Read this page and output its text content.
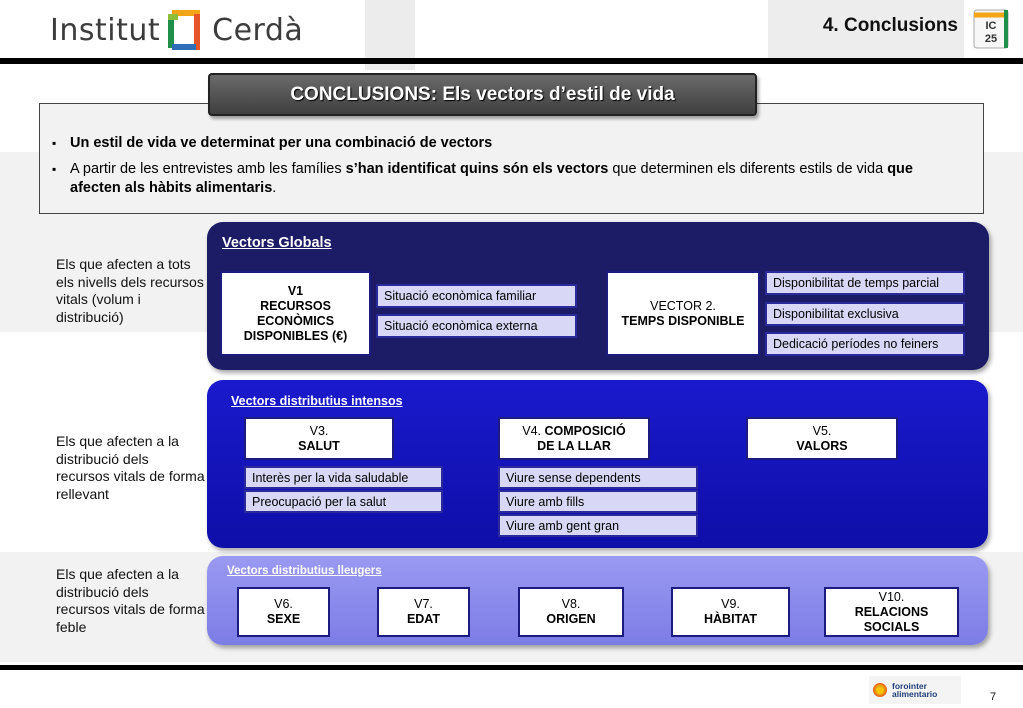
Institut Cerdà	4. Conclusions	IC
25
▪ Un estil de vida ve determinat per una combinació de vectors
▪ A partir de les entrevistes amb les famílies s’han identificat quins són els vectors que determinen els diferents estils de vida que afecten als hàbits alimentaris.
CONCLUSIONS: Els vectors d’estil de vida
Els que afecten a tots els nivells dels recursos vitals (volum i distribució)
Els que afecten a la distribució dels recursos vitals de forma rellevant
Els que afecten a la distribució dels recursos vitals de forma feble
Vectors Globals
V1
RECURSOS ECONÒMICS DISPONIBLES (€)
Situació econòmica familiar
Situació econòmica externa
VECTOR 2.
TEMPS DISPONIBLE
Disponibilitat de temps parcial
Disponibilitat exclusiva
Dedicació períodes no feiners
Vectors distributius intensos
V3.
SALUT
Interès per la vida saludable
Preocupació per la salut
V4. COMPOSICIÓ
DE LA LLAR
Viure sense dependents
Viure amb fills
Viure amb gent gran
V5.
VALORS
Vectors distributius lleugers
V6.
SEXE
V7.
EDAT
V8.
ORIGEN
V9.
HÀBITAT
V10.
RELACIONS SOCIALS
forointer
alimentario	7
